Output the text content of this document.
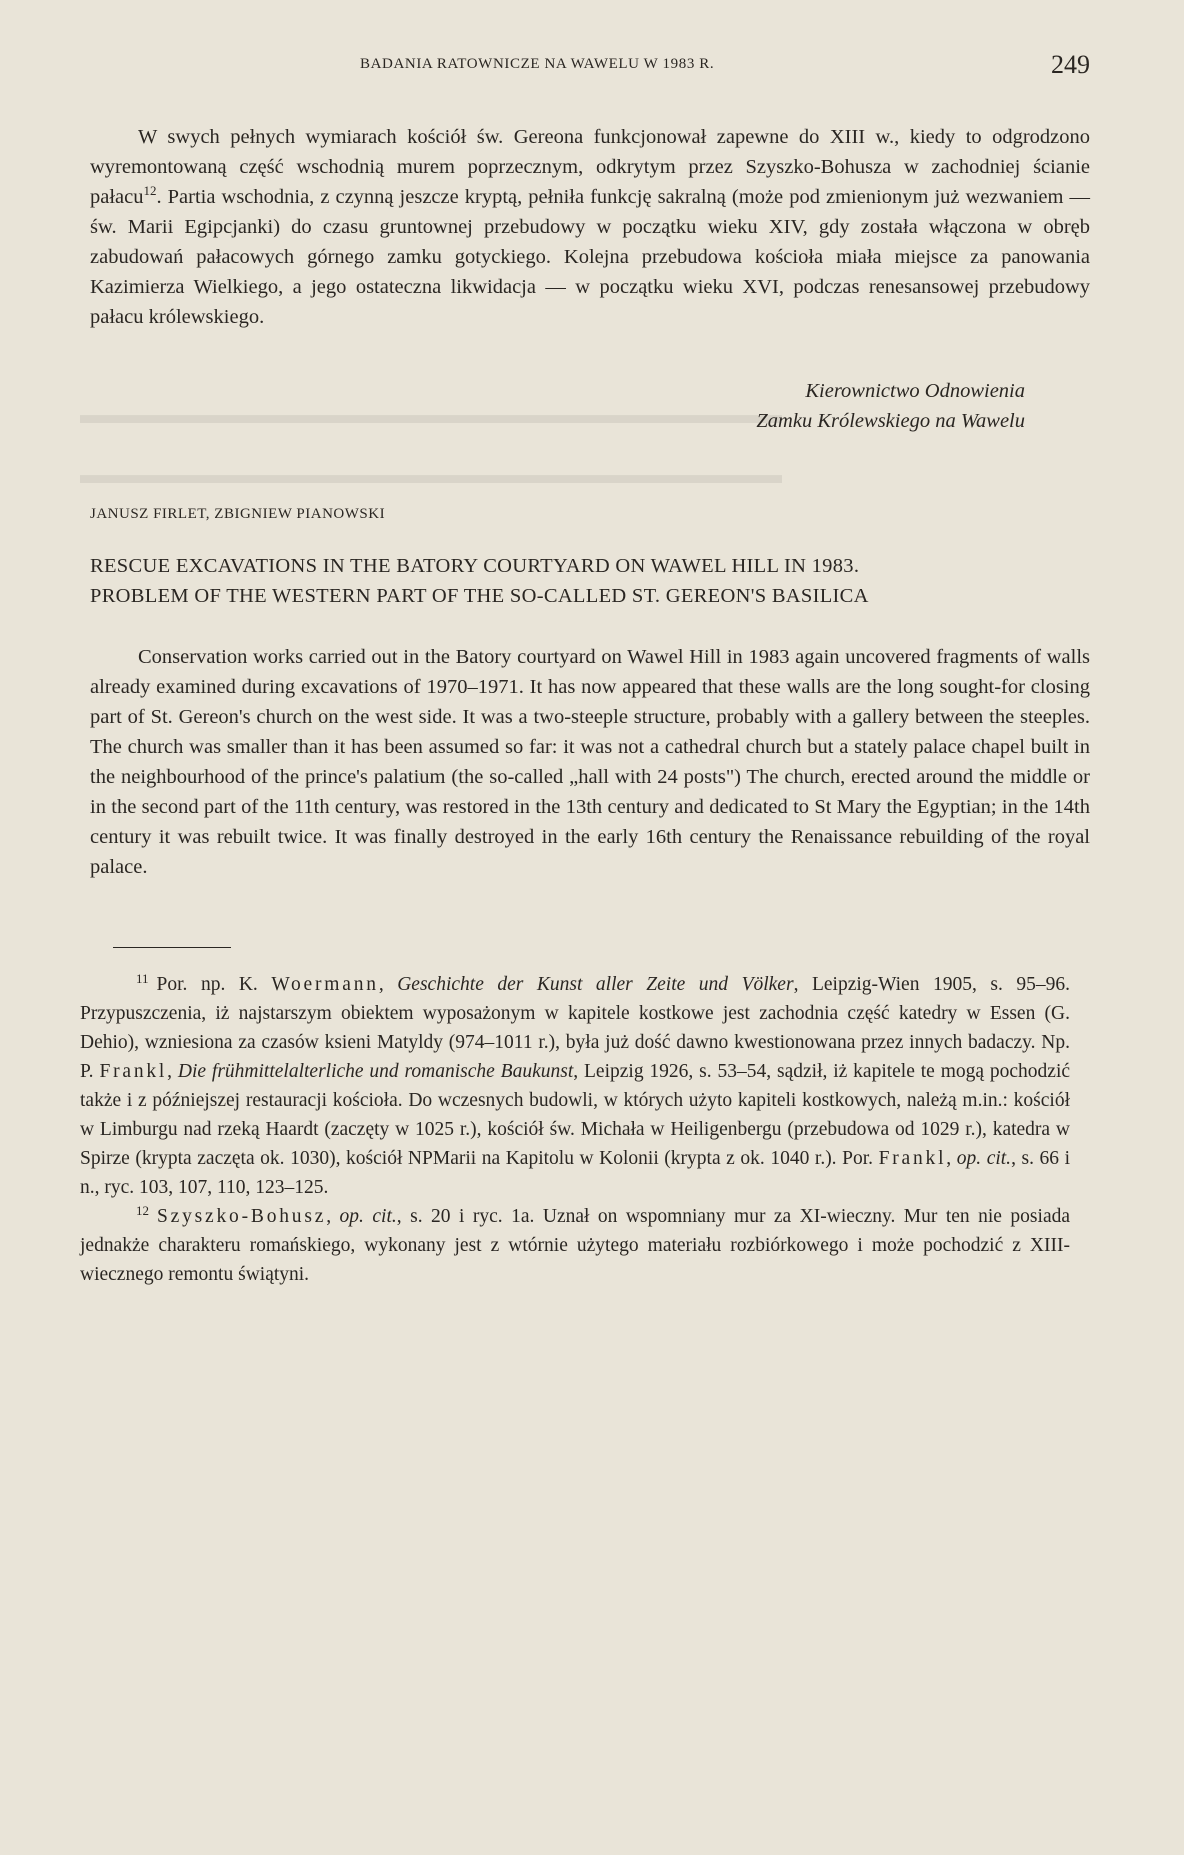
▬▬▬▬▬▬▬▬▬▬▬▬▬▬▬▬▬▬▬▬▬▬▬▬▬▬▬
▬▬▬▬▬▬▬▬▬▬▬▬▬▬▬▬▬▬▬▬▬▬▬▬▬▬▬
BADANIA RATOWNICZE NA WAWELU W 1983 R.	249
W swych pełnych wymiarach kościół św. Gereona funkcjonował zapewne do XIII w., kiedy to odgrodzono wyremontowaną część wschodnią murem poprzecznym, odkrytym przez Szyszko-Bohusza w zachodniej ścianie pałacu$^{12}$. Partia wschodnia, z czynną jeszcze kryptą, pełniła funkcję sakralną (może pod zmienionym już wezwaniem — św. Marii Egipcjanki) do czasu gruntownej przebudowy w początku wieku XIV, gdy została włączona w obręb zabudowań pałacowych górnego zamku gotyckiego. Kolejna przebudowa kościoła miała miejsce za panowania Kazimierza Wielkiego, a jego ostateczna likwidacja — w początku wieku XVI, podczas renesansowej przebudowy pałacu królewskiego.
Kierownictwo Odnowienia
Zamku Królewskiego na Wawelu
JANUSZ FIRLET, ZBIGNIEW PIANOWSKI
RESCUE EXCAVATIONS IN THE BATORY COURTYARD ON WAWEL HILL IN 1983.
PROBLEM OF THE WESTERN PART OF THE SO-CALLED ST. GEREON'S BASILICA
Conservation works carried out in the Batory courtyard on Wawel Hill in 1983 again uncovered fragments of walls already examined during excavations of 1970–1971. It has now appeared that these walls are the long sought-for closing part of St. Gereon's church on the west side. It was a two-steeple structure, probably with a gallery between the steeples. The church was smaller than it has been assumed so far: it was not a cathedral church but a stately palace chapel built in the neighbourhood of the prince's palatium (the so-called „hall with 24 posts") The church, erected around the middle or in the second part of the 11th century, was restored in the 13th century and dedicated to St Mary the Egyptian; in the 14th century it was rebuilt twice. It was finally destroyed in the early 16th century the Renaissance rebuilding of the royal palace.
$^{11}$ Por. np. K. Woermann, Geschichte der Kunst aller Zeite und Völker, Leipzig-Wien 1905, s. 95–96. Przypuszczenia, iż najstarszym obiektem wyposażonym w kapitele kostkowe jest zachodnia część katedry w Essen (G. Dehio), wzniesiona za czasów ksieni Matyldy (974–1011 r.), była już dość dawno kwestionowana przez innych badaczy. Np. P. Frankl, Die frühmittelalterliche und romanische Baukunst, Leipzig 1926, s. 53–54, sądził, iż kapitele te mogą pochodzić także i z późniejszej restauracji kościoła. Do wczesnych budowli, w których użyto kapiteli kostkowych, należą m.in.: kościół w Limburgu nad rzeką Haardt (zaczęty w 1025 r.), kościół św. Michała w Heiligenbergu (przebudowa od 1029 r.), katedra w Spirze (krypta zaczęta ok. 1030), kościół NPMarii na Kapitolu w Kolonii (krypta z ok. 1040 r.). Por. Frankl, op. cit., s. 66 i n., ryc. 103, 107, 110, 123–125.
$^{12}$ Szyszko-Bohusz, op. cit., s. 20 i ryc. 1a. Uznał on wspomniany mur za XI-wieczny. Mur ten nie posiada jednakże charakteru romańskiego, wykonany jest z wtórnie użytego materiału rozbiórkowego i może pochodzić z XIII-wiecznego remontu świątyni.
